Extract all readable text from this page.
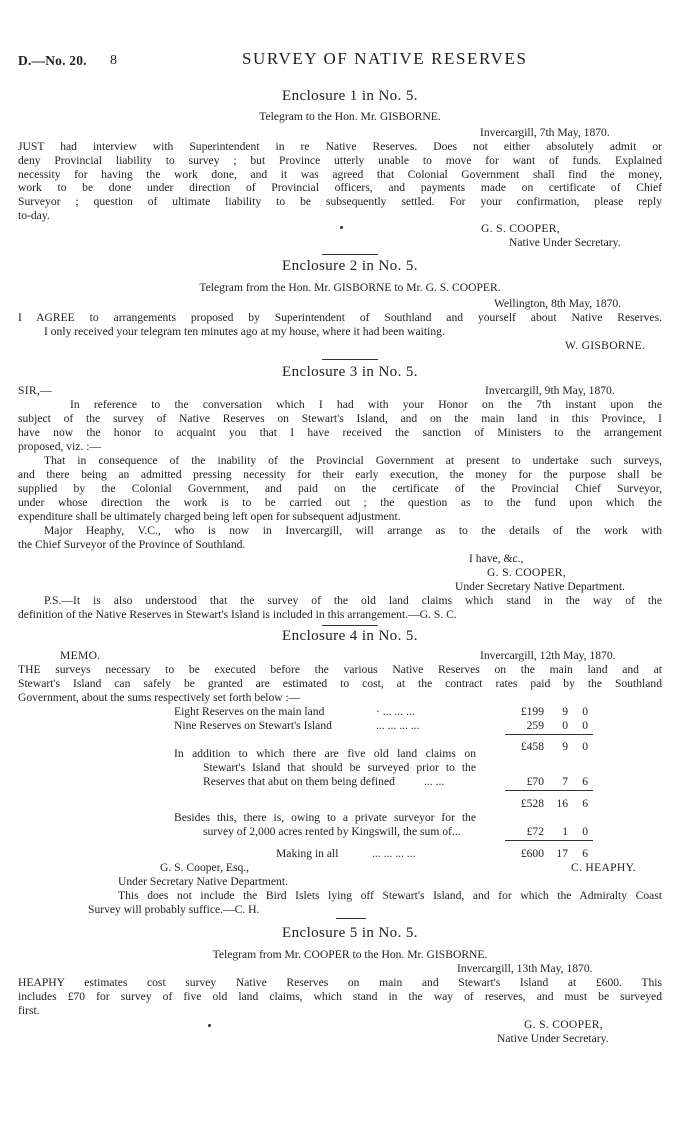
D.—No. 20. 8	SURVEY OF NATIVE RESERVES
Enclosure 1 in No. 5.
Telegram to the Hon. Mr. GISBORNE.
Invercargill, 7th May, 1870.
JUST had interview with Superintendent in re Native Reserves. Does not either absolutely admit or
deny Provincial liability to survey ; but Province utterly unable to move for want of funds. Explained
necessity for having the work done, and it was agreed that Colonial Government shall find the money,
work to be done under direction of Provincial officers, and payments made on certificate of Chief
Surveyor ; question of ultimate liability to be subsequently settled. For your confirmation, please reply
to-day.
G. S. COOPER,
Native Under Secretary.
Enclosure 2 in No. 5.
Telegram from the Hon. Mr. GISBORNE to Mr. G. S. COOPER.
Wellington, 8th May, 1870.
I AGREE to arrangements proposed by Superintendent of Southland and yourself about Native Reserves.
I only received your telegram ten minutes ago at my house, where it had been waiting.
W. GISBORNE.
Enclosure 3 in No. 5.
SIR,—	Invercargill, 9th May, 1870.
In reference to the conversation which I had with your Honor on the 7th instant upon the
subject of the survey of Native Reserves on Stewart's Island, and on the main land in this Province, I
have now the honor to acquaint you that I have received the sanction of Ministers to the arrangement
proposed, viz. :—
That in consequence of the inability of the Provincial Government at present to undertake such surveys,
and there being an admitted pressing necessity for their early execution, the money for the purpose shall be
supplied by the Colonial Government, and paid on the certificate of the Provincial Chief Surveyor,
under whose direction the work is to be carried out ; the question as to the fund upon which the
expenditure shall be ultimately charged being left open for subsequent adjustment.
Major Heaphy, V.C., who is now in Invercargill, will arrange as to the details of the work with
the Chief Surveyor of the Province of Southland.
I have, &c.,
G. S. COOPER,
Under Secretary Native Department.
P.S.—It is also understood that the survey of the old land claims which stand in the way of the
definition of the Native Reserves in Stewart's Island is included in this arrangement.—G. S. C.
Enclosure 4 in No. 5.
MEMO.	Invercargill, 12th May, 1870.
THE surveys necessary to be executed before the various Native Reserves on the main land and at
Stewart's Island can safely be granted are estimated to cost, at the contract rates paid by the Southland
Government, about the sums respectively set forth below :—
Eight Reserves on the main land	· ... ... ...	£199	9	0
Nine Reserves on Stewart's Island	... ... ... ...	259	0	0
£458	9	0
In addition to which there are five old land claims on
Stewart's Island that should be surveyed prior to the
Reserves that abut on them being defined	... ...	£70	7	6
£528	16	6
Besides this, there is, owing to a private surveyor for the
survey of 2,000 acres rented by Kingswill, the sum of...	£72	1	0
Making in all	... ... ... ...	£600	17	6
G. S. Cooper, Esq.,	C. HEAPHY.
Under Secretary Native Department.
This does not include the Bird Islets lying off Stewart's Island, and for which the Admiralty Coast
Survey will probably suffice.—C. H.
Enclosure 5 in No. 5.
Telegram from Mr. COOPER to the Hon. Mr. GISBORNE.
Invercargill, 13th May, 1870.
HEAPHY estimates cost survey Native Reserves on main and Stewart's Island at £600. This
includes £70 for survey of five old land claims, which stand in the way of reserves, and must be surveyed
first.
G. S. COOPER,
Native Under Secretary.
